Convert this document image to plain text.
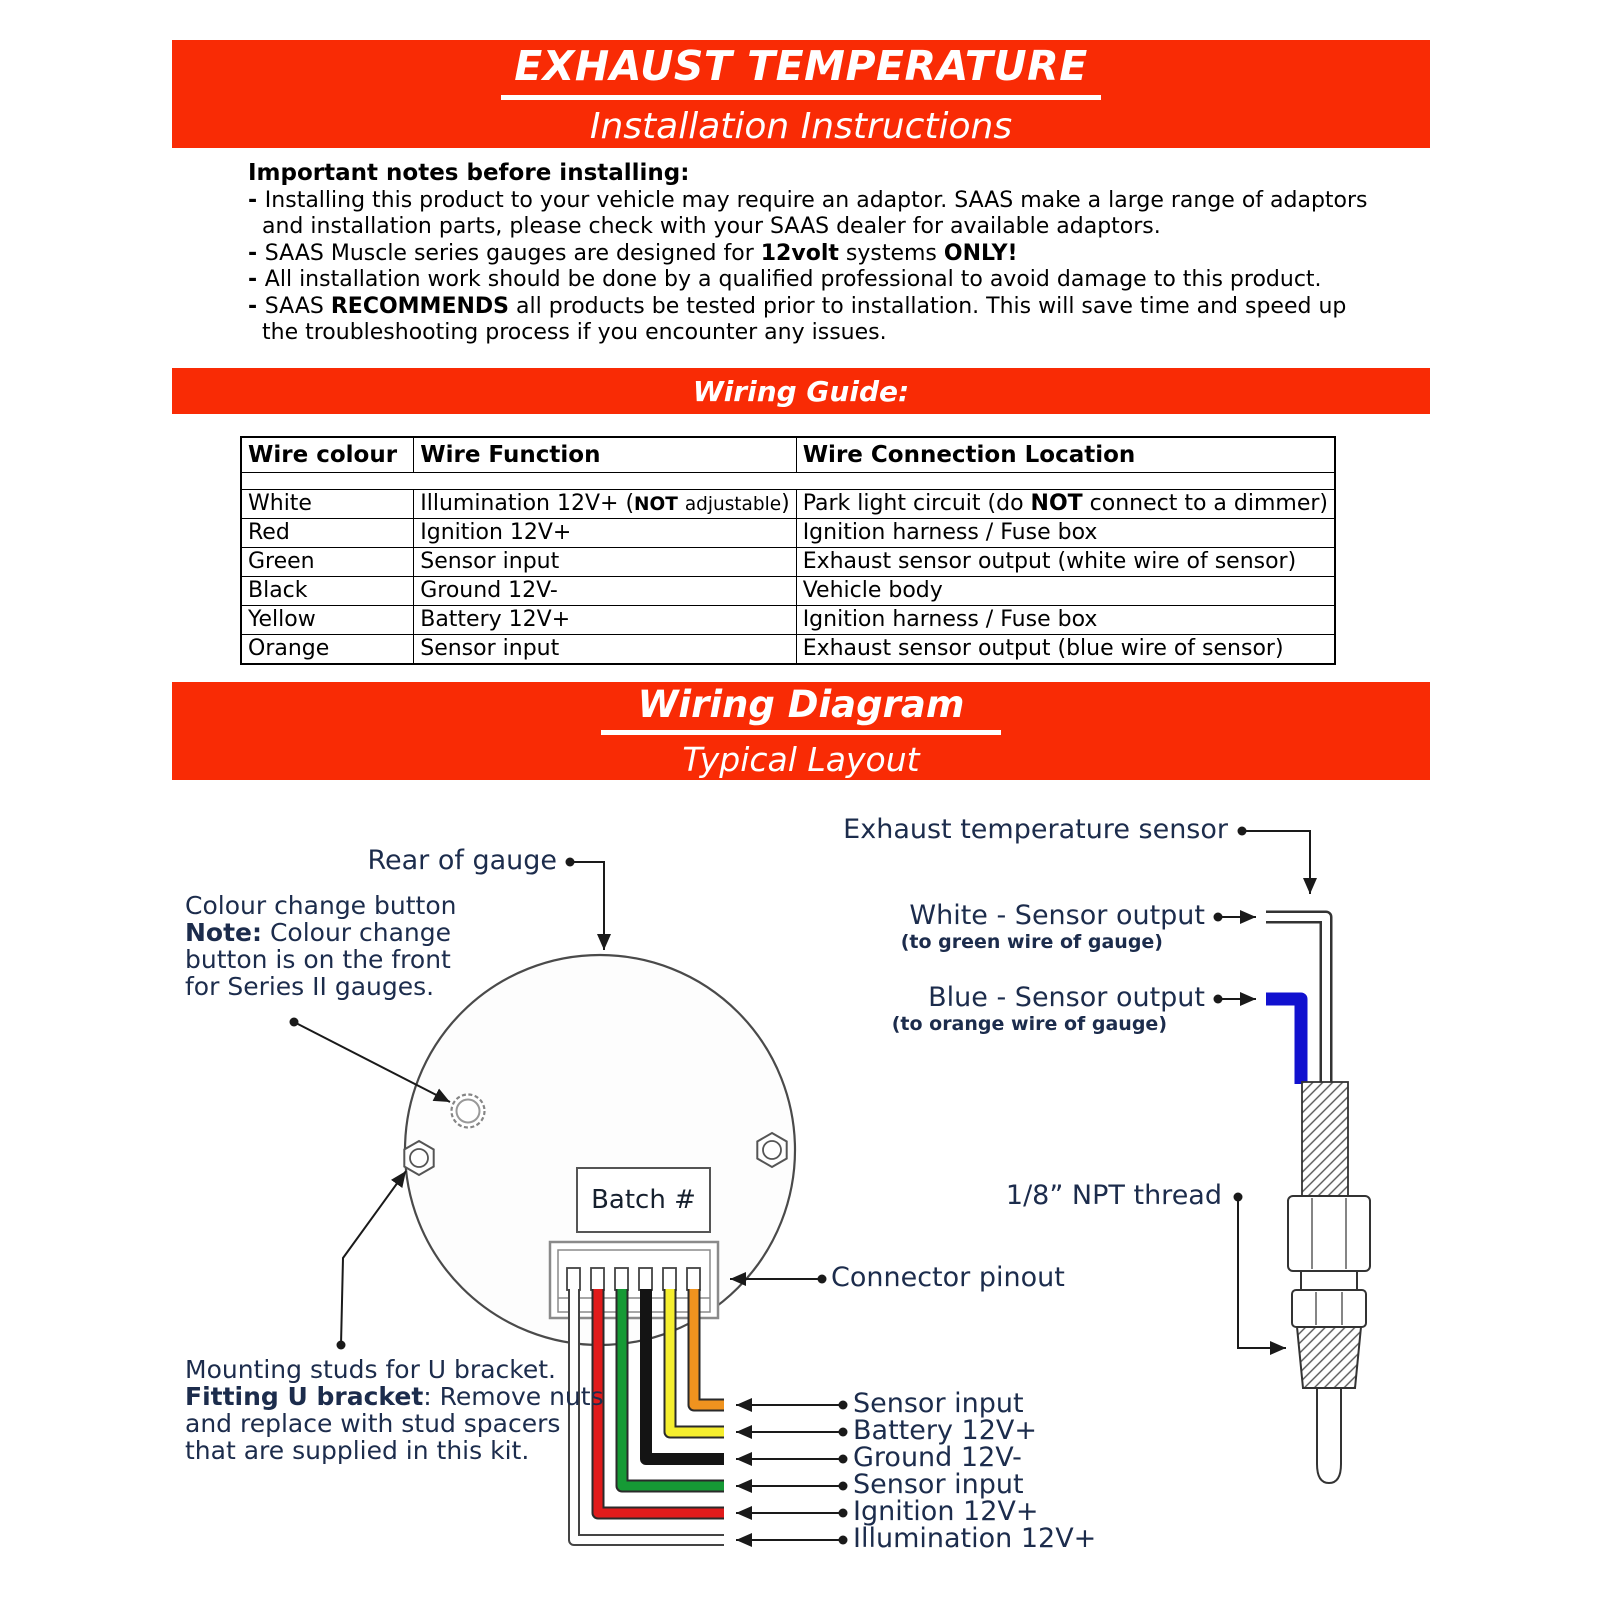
EXHAUST TEMPERATURE
Installation Instructions
Important notes before installing:
- Installing this product to your vehicle may require an adaptor. SAAS make a large range of adaptors and installation parts, please check with your SAAS dealer for available adaptors.
- SAAS Muscle series gauges are designed for 12volt systems ONLY!
- All installation work should be done by a qualified professional to avoid damage to this product.
- SAAS RECOMMENDS all products be tested prior to installation. This will save time and speed up the troubleshooting process if you encounter any issues.
Wiring Guide:
Wire colour	Wire Function	Wire Connection Location

White	Illumination 12V+ (NOT adjustable)	Park light circuit (do NOT connect to a dimmer)
Red	Ignition 12V+	Ignition harness / Fuse box
Green	Sensor input	Exhaust sensor output (white wire of sensor)
Black	Ground 12V-	Vehicle body
Yellow	Battery 12V+	Ignition harness / Fuse box
Orange	Sensor input	Exhaust sensor output (blue wire of sensor)
Wiring Diagram
Typical Layout
Rear of gauge
Colour change button
Note: Colour change
button is on the front
for Series II gauges.
Mounting studs for U bracket.
Fitting U bracket: Remove nuts
and replace with stud spacers
that are supplied in this kit.
Batch #
Connector pinout
Sensor input
Battery 12V+
Ground 12V-
Sensor input
Ignition 12V+
Illumination 12V+
Exhaust temperature sensor
White - Sensor output
(to green wire of gauge)
Blue - Sensor output
(to orange wire of gauge)
1/8” NPT thread
